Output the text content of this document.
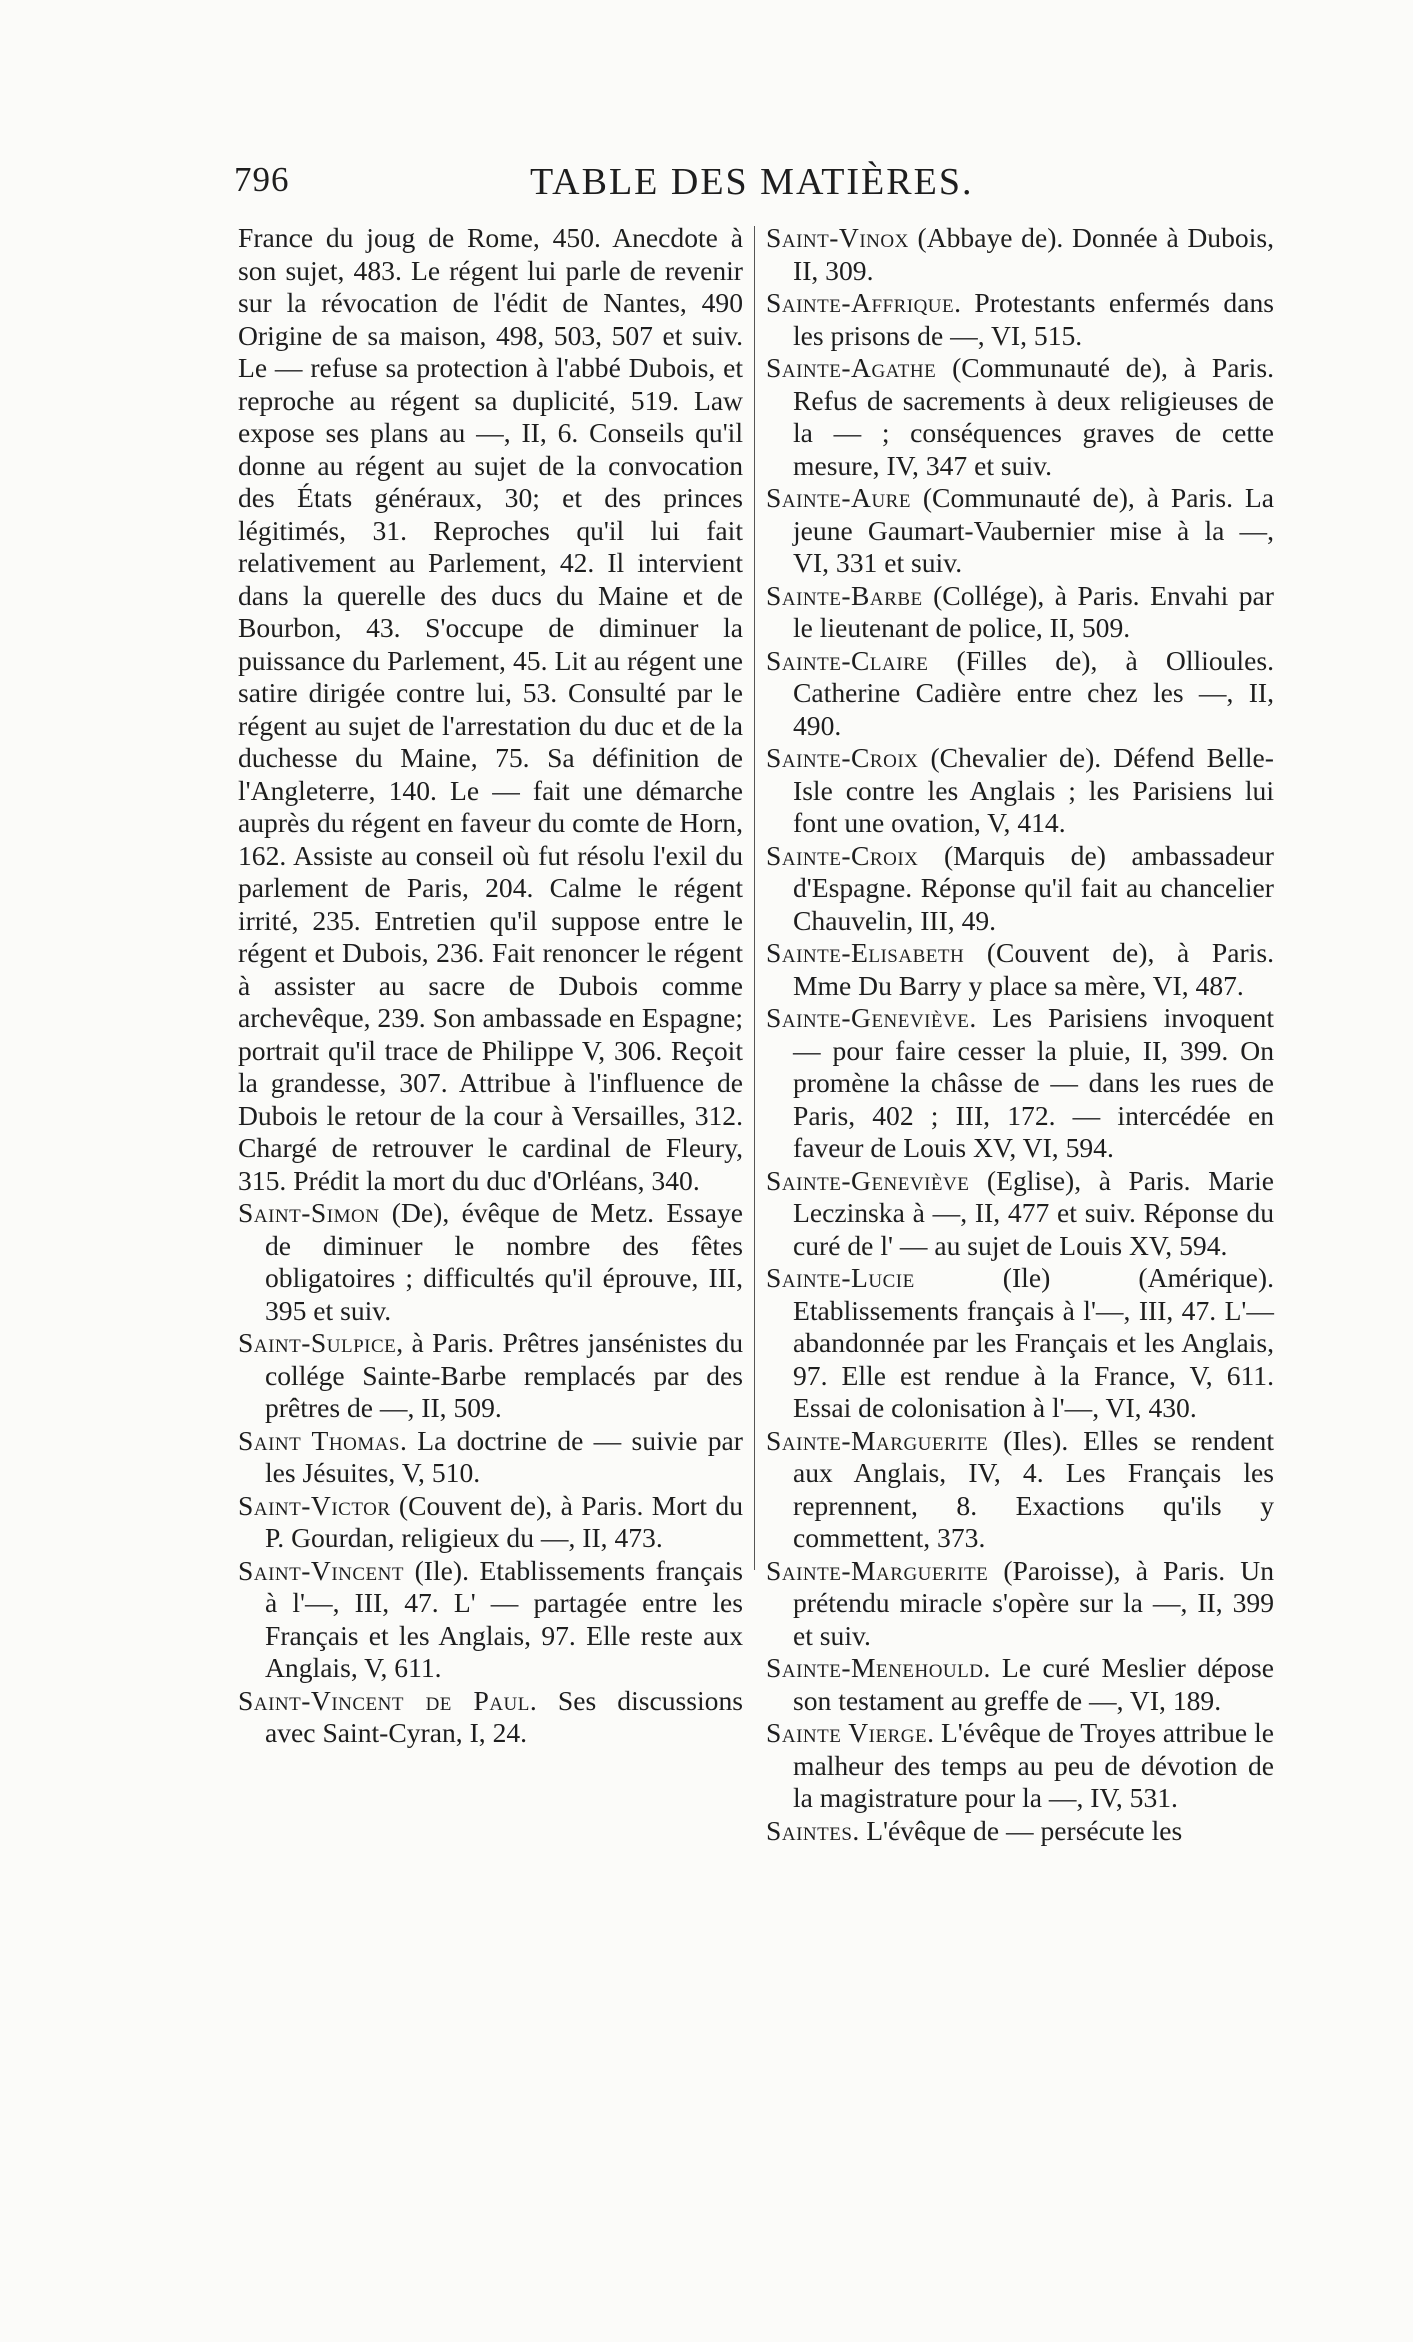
796	TABLE DES MATIÈRES.

France du joug de Rome, 450. Anecdote à son sujet, 483. Le régent lui parle de revenir sur la révocation de l'édit de Nantes, 490 Origine de sa maison, 498, 503, 507 et suiv. Le — refuse sa protection à l'abbé Dubois, et reproche au régent sa duplicité, 519. Law expose ses plans au —, II, 6. Conseils qu'il donne au régent au sujet de la convocation des États généraux, 30; et des princes légitimés, 31. Reproches qu'il lui fait relativement au Parlement, 42. Il intervient dans la querelle des ducs du Maine et de Bourbon, 43. S'occupe de diminuer la puissance du Parlement, 45. Lit au régent une satire dirigée contre lui, 53. Consulté par le régent au sujet de l'arrestation du duc et de la duchesse du Maine, 75. Sa définition de l'Angleterre, 140. Le — fait une démarche auprès du régent en faveur du comte de Horn, 162. Assiste au conseil où fut résolu l'exil du parlement de Paris, 204. Calme le régent irrité, 235. Entretien qu'il suppose entre le régent et Dubois, 236. Fait renoncer le régent à assister au sacre de Dubois comme archevêque, 239. Son ambassade en Espagne; portrait qu'il trace de Philippe V, 306. Reçoit la grandesse, 307. Attribue à l'influence de Dubois le retour de la cour à Versailles, 312. Chargé de retrouver le cardinal de Fleury, 315. Prédit la mort du duc d'Orléans, 340.

Saint-Simon (De), évêque de Metz. Essaye de diminuer le nombre des fêtes obligatoires ; difficultés qu'il éprouve, III, 395 et suiv.

Saint-Sulpice, à Paris. Prêtres jansénistes du collége Sainte-Barbe remplacés par des prêtres de —, II, 509.

Saint Thomas. La doctrine de — suivie par les Jésuites, V, 510.

Saint-Victor (Couvent de), à Paris. Mort du P. Gourdan, religieux du —, II, 473.

Saint-Vincent (Ile). Etablissements français à l'—, III, 47. L' — partagée entre les Français et les Anglais, 97. Elle reste aux Anglais, V, 611.

Saint-Vincent de Paul. Ses discussions avec Saint-Cyran, I, 24.

Saint-Vinox (Abbaye de). Donnée à Dubois, II, 309.

Sainte-Affrique. Protestants enfermés dans les prisons de —, VI, 515.

Sainte-Agathe (Communauté de), à Paris. Refus de sacrements à deux religieuses de la — ; conséquences graves de cette mesure, IV, 347 et suiv.

Sainte-Aure (Communauté de), à Paris. La jeune Gaumart-Vaubernier mise à la —, VI, 331 et suiv.

Sainte-Barbe (Collége), à Paris. Envahi par le lieutenant de police, II, 509.

Sainte-Claire (Filles de), à Ollioules. Catherine Cadière entre chez les —, II, 490.

Sainte-Croix (Chevalier de). Défend Belle-Isle contre les Anglais ; les Parisiens lui font une ovation, V, 414.

Sainte-Croix (Marquis de) ambassadeur d'Espagne. Réponse qu'il fait au chancelier Chauvelin, III, 49.

Sainte-Elisabeth (Couvent de), à Paris. Mme Du Barry y place sa mère, VI, 487.

Sainte-Geneviève. Les Parisiens invoquent — pour faire cesser la pluie, II, 399. On promène la châsse de — dans les rues de Paris, 402 ; III, 172. — intercédée en faveur de Louis XV, VI, 594.

Sainte-Geneviève (Eglise), à Paris. Marie Leczinska à —, II, 477 et suiv. Réponse du curé de l' — au sujet de Louis XV, 594.

Sainte-Lucie (Ile) (Amérique). Etablissements français à l'—, III, 47. L'— abandonnée par les Français et les Anglais, 97. Elle est rendue à la France, V, 611. Essai de colonisation à l'—, VI, 430.

Sainte-Marguerite (Iles). Elles se rendent aux Anglais, IV, 4. Les Français les reprennent, 8. Exactions qu'ils y commettent, 373.

Sainte-Marguerite (Paroisse), à Paris. Un prétendu miracle s'opère sur la —, II, 399 et suiv.

Sainte-Menehould. Le curé Meslier dépose son testament au greffe de —, VI, 189.

Sainte Vierge. L'évêque de Troyes attribue le malheur des temps au peu de dévotion de la magistrature pour la —, IV, 531.

Saintes. L'évêque de — persécute les
